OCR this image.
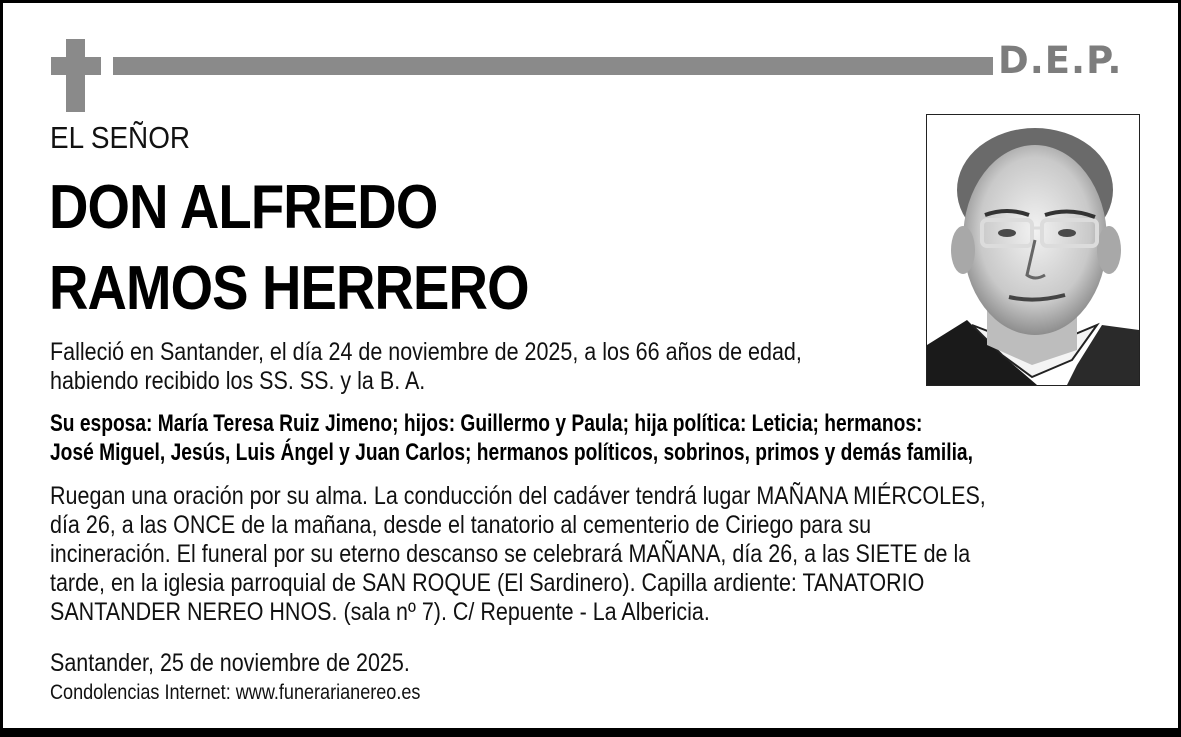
D.E.P.
EL SEÑOR
DON ALFREDO
RAMOS HERRERO
Falleció en Santander, el día 24 de noviembre de 2025, a los 66 años de edad,
habiendo recibido los SS. SS. y la B. A.
Su esposa: María Teresa Ruiz Jimeno; hijos: Guillermo y Paula; hija política: Leticia; hermanos:
José Miguel, Jesús, Luis Ángel y Juan Carlos; hermanos políticos, sobrinos, primos y demás familia,
Ruegan una oración por su alma. La conducción del cadáver tendrá lugar MAÑANA MIÉRCOLES,
día 26, a las ONCE de la mañana, desde el tanatorio al cementerio de Ciriego para su
incineración. El funeral por su eterno descanso se celebrará MAÑANA, día 26, a las SIETE de la
tarde, en la iglesia parroquial de SAN ROQUE (El Sardinero). Capilla ardiente: TANATORIO
SANTANDER NEREO HNOS. (sala nº 7). C/ Repuente - La Albericia.
Santander, 25 de noviembre de 2025.
Condolencias Internet: www.funerarianereo.es
